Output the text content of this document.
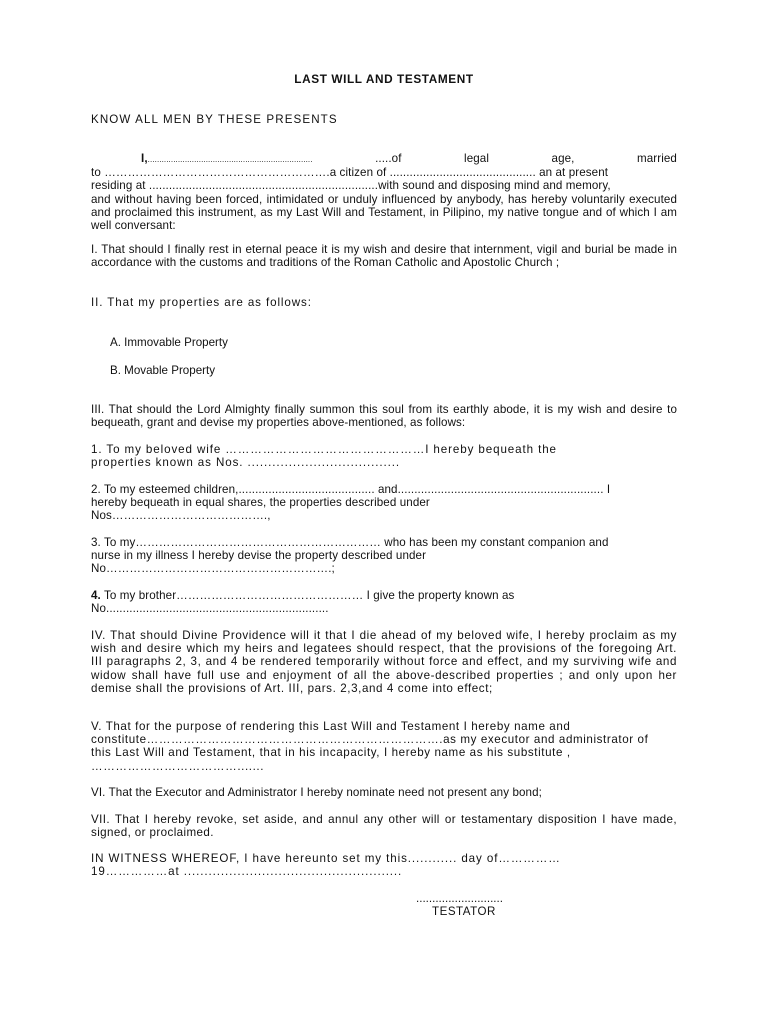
LAST WILL AND TESTAMENT
KNOW ALL MEN BY THESE PRESENTS
I,.......................................................................	.....of	legal	age,	married
to ………………………………………………….a citizen of ............................................ an at present
residing at .....................................................................with sound and disposing mind and memory,
and without having been forced, intimidated or unduly influenced by anybody, has hereby voluntarily executed and proclaimed this instrument, as my Last Will and Testament, in Pilipino, my native tongue and of which I am well conversant:
I. That should I finally rest in eternal peace it is my wish and desire that internment, vigil and burial be made in accordance with the customs and traditions of the Roman Catholic and Apostolic Church ;
II. That my properties are as follows:
A. Immovable Property
B. Movable Property
III. That should the Lord Almighty finally summon this soul from its earthly abode, it is my wish and desire to bequeath, grant and devise my properties above-mentioned, as follows:
1. To my beloved wife …………………………………………I hereby bequeath the
properties known as Nos. .....................................
2. To my esteemed children,......................................... and.............................................................. I
hereby bequeath in equal shares, the properties described under
Nos………………………………….,
3. To my……………………………………………………… who has been my constant companion and
nurse in my illness I hereby devise the property described under
No………………………………………………….;
4. To my brother………………………………………… I give the property known as
No...................................................................
IV. That should Divine Providence will it that I die ahead of my beloved wife, I hereby proclaim as my wish and desire which my heirs and legatees should respect, that the provisions of the foregoing Art. III paragraphs 2, 3, and 4 be rendered temporarily without force and effect, and my surviving wife and widow shall have full use and enjoyment of all the above-described properties ; and only upon her demise shall the provisions of Art. III, pars. 2,3,and 4 come into effect;
V. That for the purpose of rendering this Last Will and Testament I hereby name and
constitute……………………………………………………………….as my executor and administrator of
this Last Will and Testament, that in his incapacity, I hereby name as his substitute ,
……………………………….......
VI. That the Executor and Administrator I hereby nominate need not present any bond;
VII. That I hereby revoke, set aside, and annul any other will or testamentary disposition I have made, signed, or proclaimed.
IN WITNESS WHEREOF, I have hereunto set my this............ day of……………
19……………at .....................................................
...........................
TESTATOR
